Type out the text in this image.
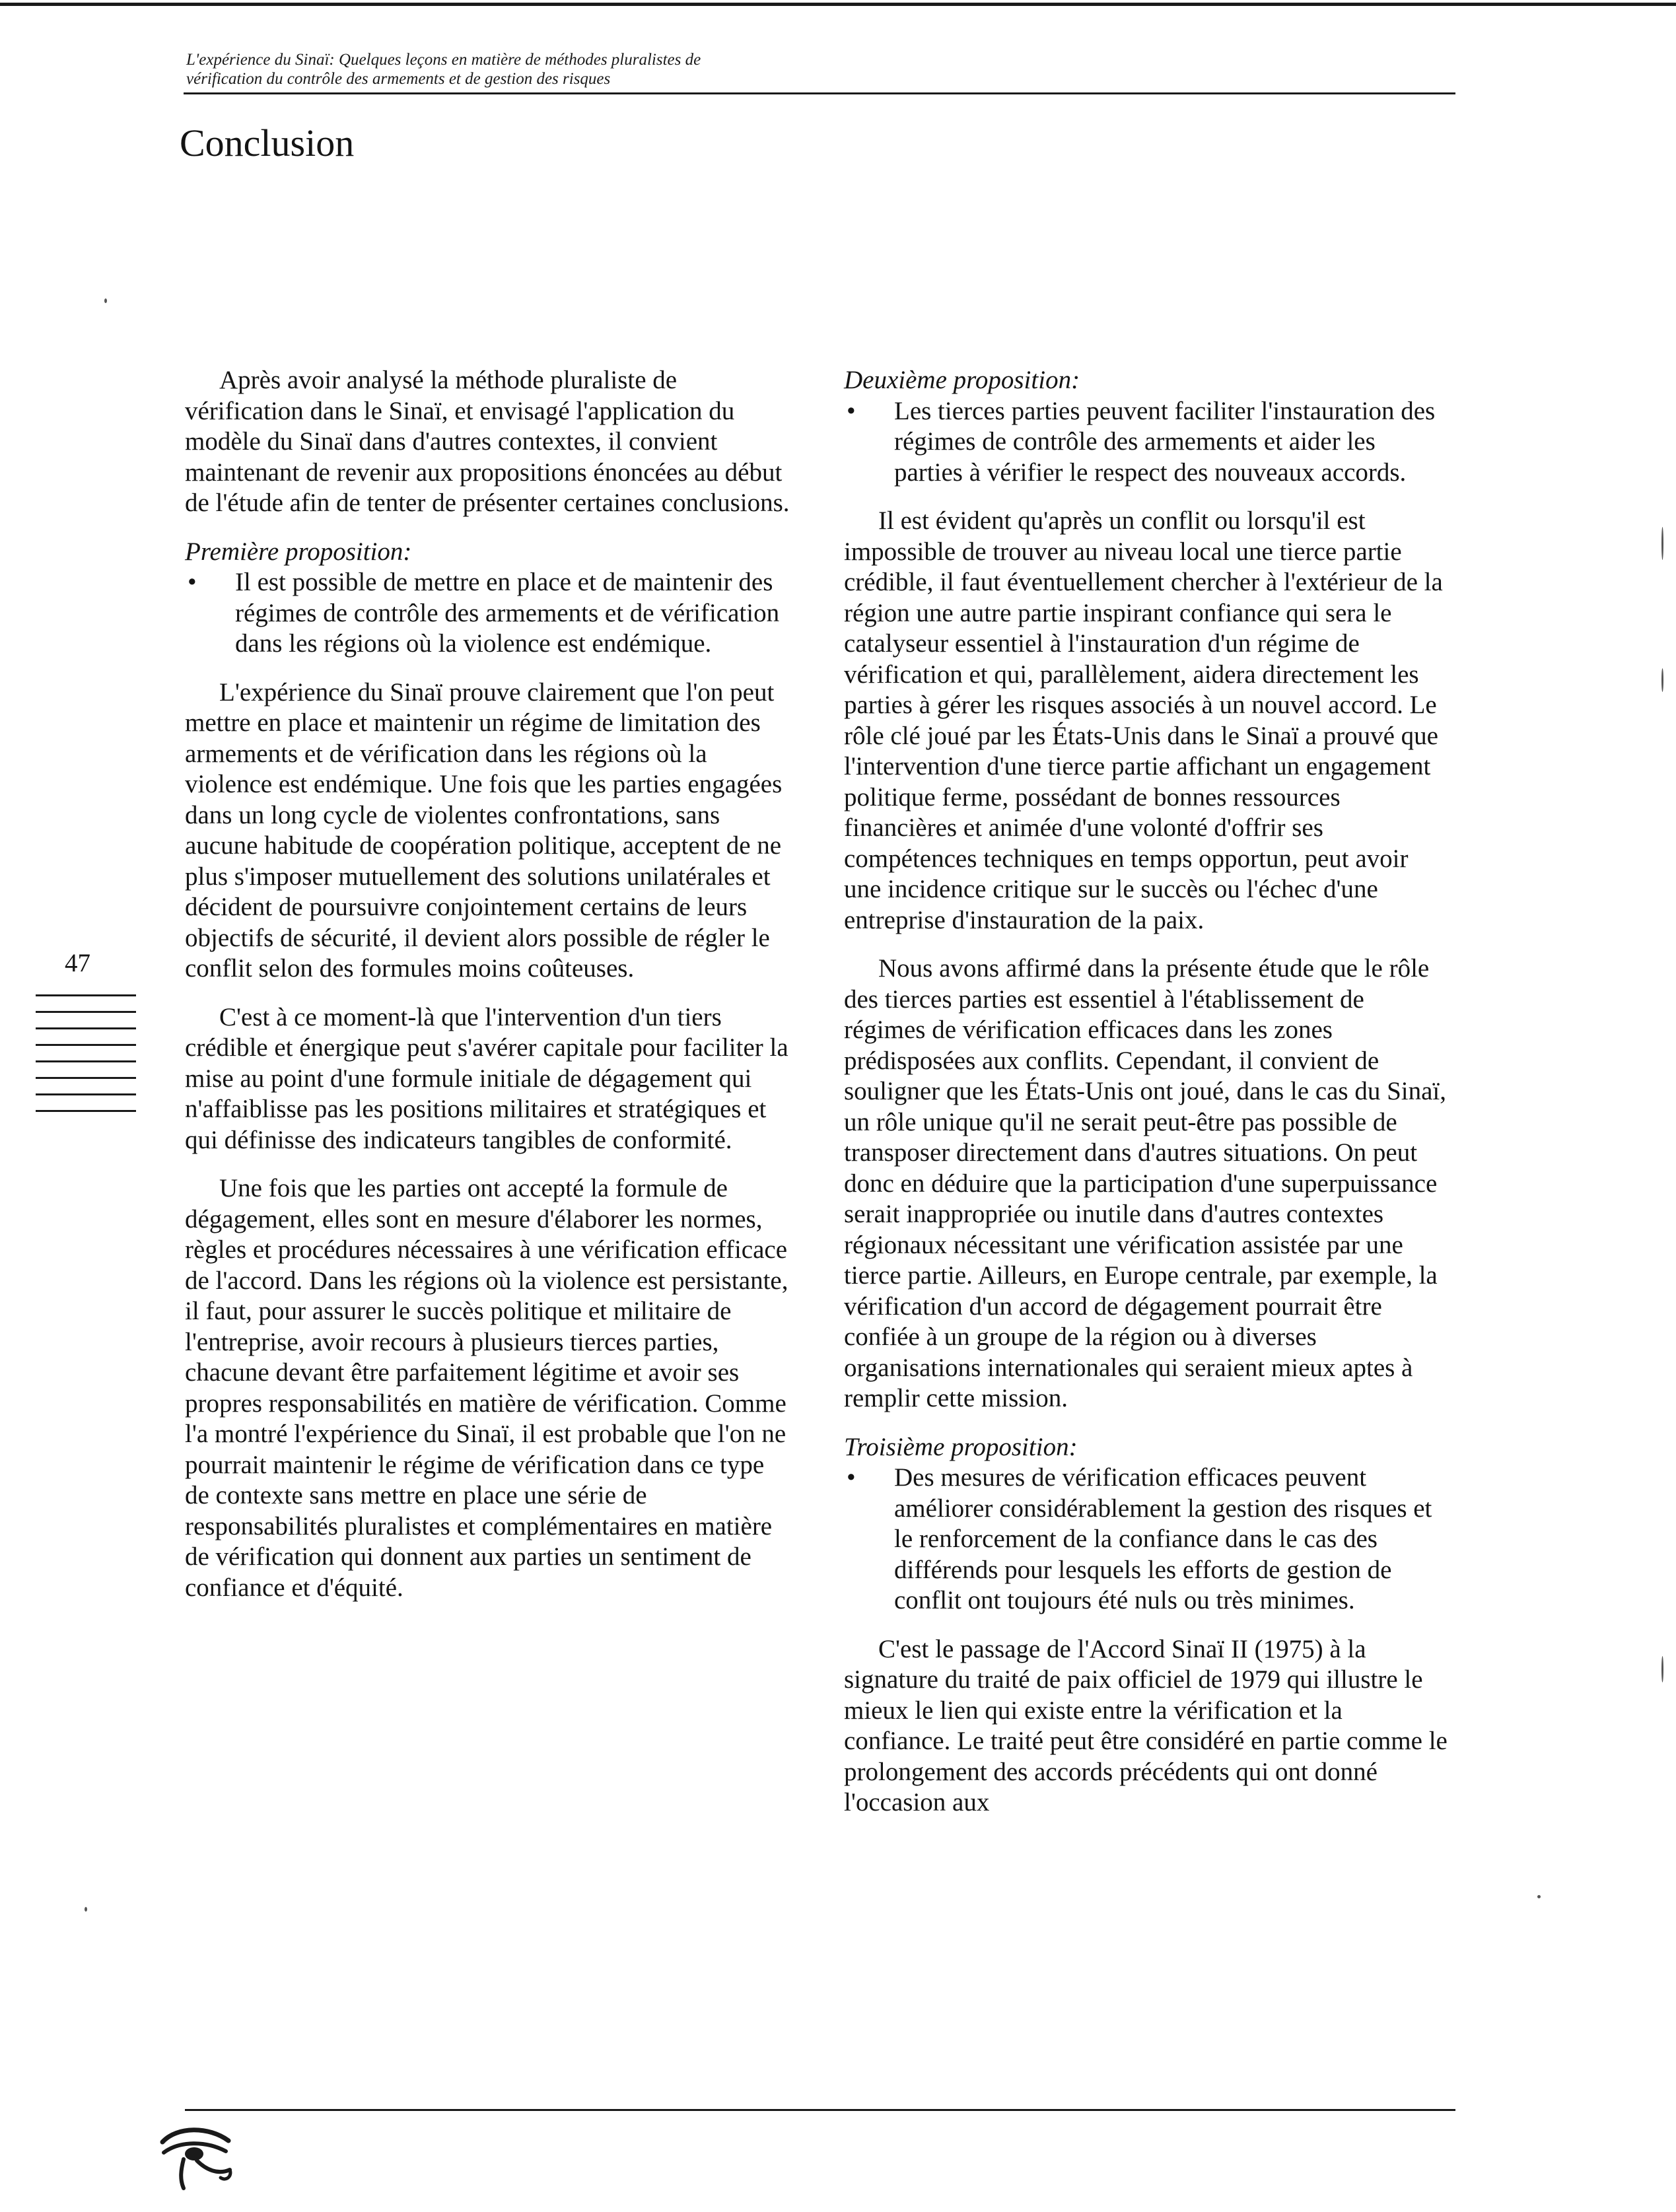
L'expérience du Sinaï: Quelques leçons en matière de méthodes pluralistes de
vérification du contrôle des armements et de gestion des risques
Conclusion

Après avoir analysé la méthode pluraliste de vérification dans le Sinaï, et envisagé l'application du modèle du Sinaï dans d'autres contextes, il convient maintenant de revenir aux propositions énoncées au début de l'étude afin de tenter de présenter certaines conclusions.

Première proposition:

•	Il est possible de mettre en place et de maintenir des régimes de contrôle des armements et de vérification dans les régions où la violence est endémique.

L'expérience du Sinaï prouve clairement que l'on peut mettre en place et maintenir un régime de limitation des armements et de vérification dans les régions où la violence est endémique. Une fois que les parties engagées dans un long cycle de violentes confrontations, sans aucune habitude de coopération politique, acceptent de ne plus s'imposer mutuellement des solutions unilatérales et décident de poursuivre conjointement certains de leurs objectifs de sécurité, il devient alors possible de régler le conflit selon des formules moins coûteuses.

C'est à ce moment-là que l'intervention d'un tiers crédible et énergique peut s'avérer capitale pour faciliter la mise au point d'une formule initiale de dégagement qui n'affaiblisse pas les positions militaires et stratégiques et qui définisse des indicateurs tangibles de conformité.

Une fois que les parties ont accepté la formule de dégagement, elles sont en mesure d'élaborer les normes, règles et procédures nécessaires à une vérification efficace de l'accord. Dans les régions où la violence est persistante, il faut, pour assurer le succès politique et militaire de l'entreprise, avoir recours à plusieurs tierces parties, chacune devant être parfaitement légitime et avoir ses propres responsabilités en matière de vérification. Comme l'a montré l'expérience du Sinaï, il est probable que l'on ne pourrait maintenir le régime de vérification dans ce type de contexte sans mettre en place une série de responsabilités pluralistes et complémentaires en matière de vérification qui donnent aux parties un sentiment de confiance et d'équité.

Deuxième proposition:

•	Les tierces parties peuvent faciliter l'instauration des régimes de contrôle des armements et aider les parties à vérifier le respect des nouveaux accords.

Il est évident qu'après un conflit ou lorsqu'il est impossible de trouver au niveau local une tierce partie crédible, il faut éventuellement chercher à l'extérieur de la région une autre partie inspirant confiance qui sera le catalyseur essentiel à l'instauration d'un régime de vérification et qui, parallèlement, aidera directement les parties à gérer les risques associés à un nouvel accord. Le rôle clé joué par les États-Unis dans le Sinaï a prouvé que l'intervention d'une tierce partie affichant un engagement politique ferme, possédant de bonnes ressources financières et animée d'une volonté d'offrir ses compétences techniques en temps opportun, peut avoir une incidence critique sur le succès ou l'échec d'une entreprise d'instauration de la paix.

Nous avons affirmé dans la présente étude que le rôle des tierces parties est essentiel à l'établissement de régimes de vérification efficaces dans les zones prédisposées aux conflits. Cependant, il convient de souligner que les États-Unis ont joué, dans le cas du Sinaï, un rôle unique qu'il ne serait peut-être pas possible de transposer directement dans d'autres situations. On peut donc en déduire que la participation d'une superpuissance serait inappropriée ou inutile dans d'autres contextes régionaux nécessitant une vérification assistée par une tierce partie. Ailleurs, en Europe centrale, par exemple, la vérification d'un accord de dégagement pourrait être confiée à un groupe de la région ou à diverses organisations internationales qui seraient mieux aptes à remplir cette mission.

Troisième proposition:

•	Des mesures de vérification efficaces peuvent améliorer considérablement la gestion des risques et le renforcement de la confiance dans le cas des différends pour lesquels les efforts de gestion de conflit ont toujours été nuls ou très minimes.

C'est le passage de l'Accord Sinaï II (1975) à la signature du traité de paix officiel de 1979 qui illustre le mieux le lien qui existe entre la vérification et la confiance. Le traité peut être considéré en partie comme le prolongement des accords précédents qui ont donné l'occasion aux

47
